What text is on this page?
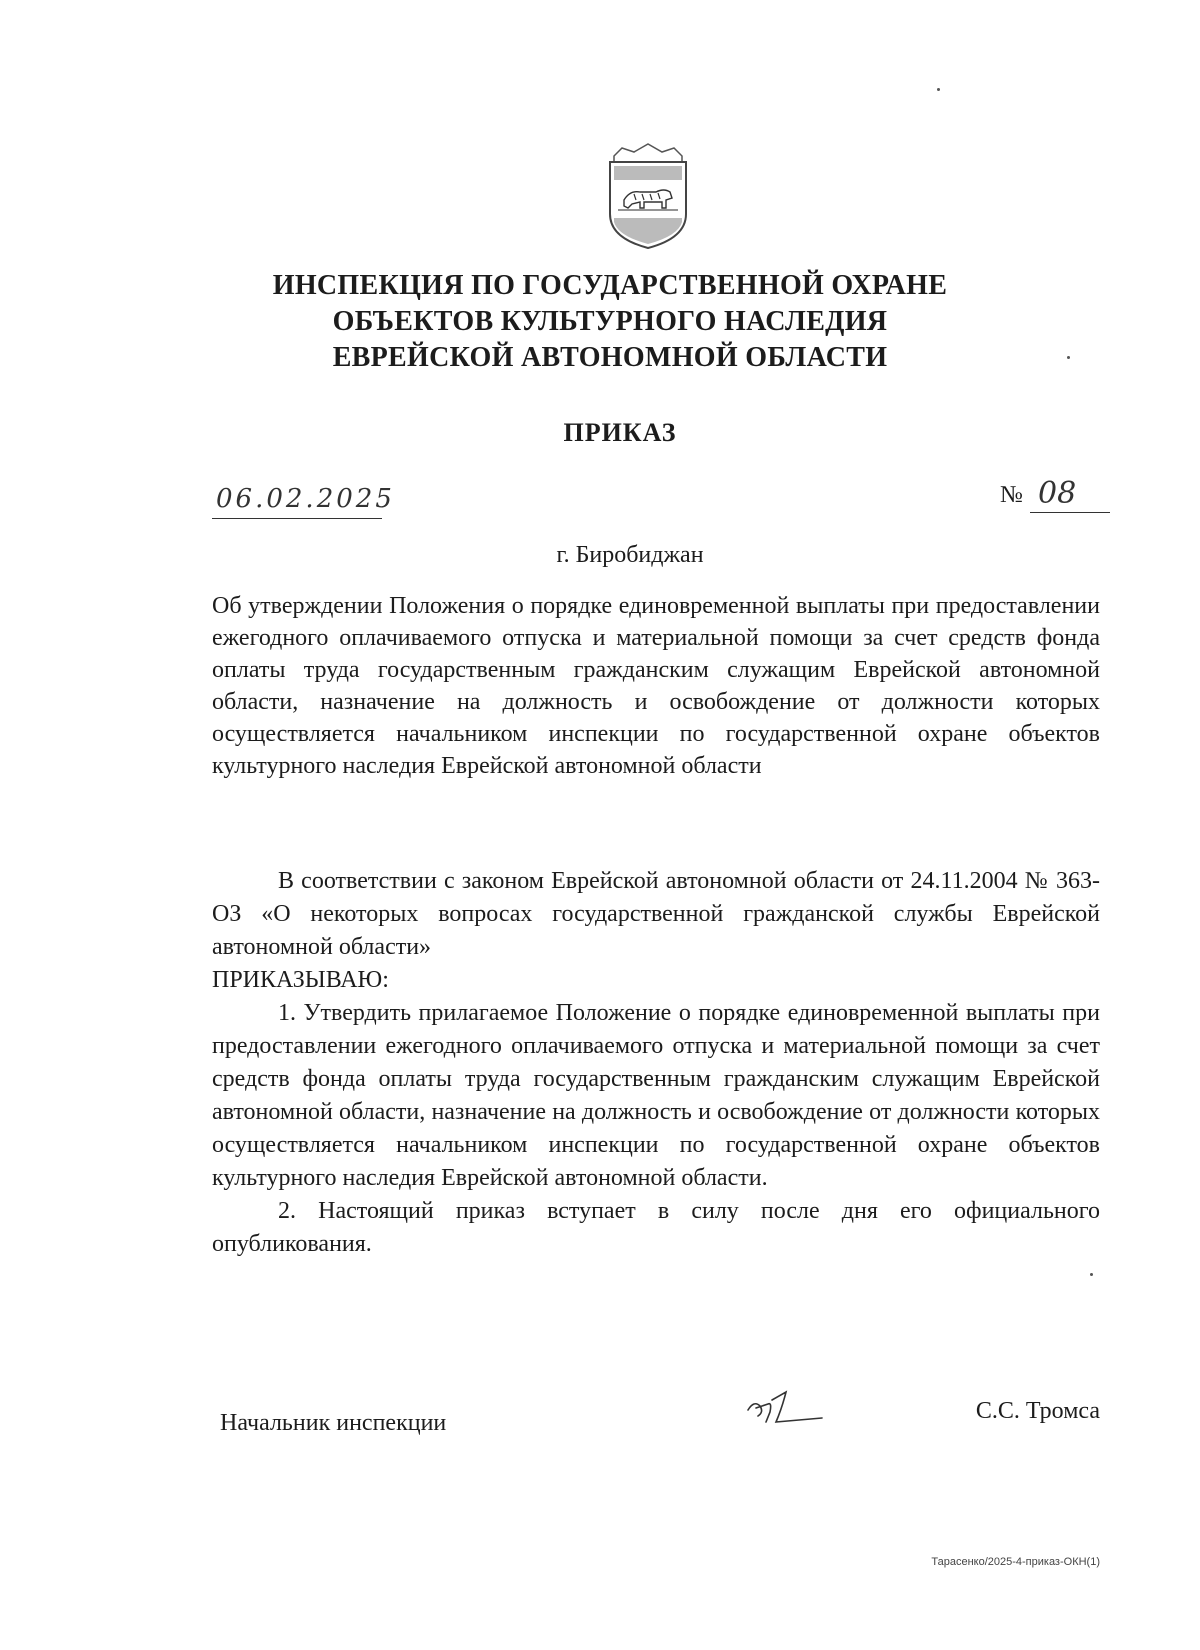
ИНСПЕКЦИЯ ПО ГОСУДАРСТВЕННОЙ ОХРАНЕ
ОБЪЕКТОВ КУЛЬТУРНОГО НАСЛЕДИЯ
ЕВРЕЙСКОЙ АВТОНОМНОЙ ОБЛАСТИ
ПРИКАЗ
06.02.2025	№ 08
г. Биробиджан
Об утверждении Положения о порядке единовременной выплаты при предоставлении ежегодного оплачиваемого отпуска и материальной помощи за счет средств фонда оплаты труда государственным гражданским служащим Еврейской автономной области, назначение на должность и освобождение от должности которых осуществляется начальником инспекции по государственной охране объектов культурного наследия Еврейской автономной области

В соответствии с законом Еврейской автономной области от 24.11.2004 № 363-ОЗ «О некоторых вопросах государственной гражданской службы Еврейской автономной области»

ПРИКАЗЫВАЮ:

1. Утвердить прилагаемое Положение о порядке единовременной выплаты при предоставлении ежегодного оплачиваемого отпуска и материальной помощи за счет средств фонда оплаты труда государственным гражданским служащим Еврейской автономной области, назначение на должность и освобождение от должности которых осуществляется начальником инспекции по государственной охране объектов культурного наследия Еврейской автономной области.

2. Настоящий приказ вступает в силу после дня его официального опубликования.

Начальник инспекции	С.С. Тромса
Тарасенко/2025-4-приказ-ОКН(1)
